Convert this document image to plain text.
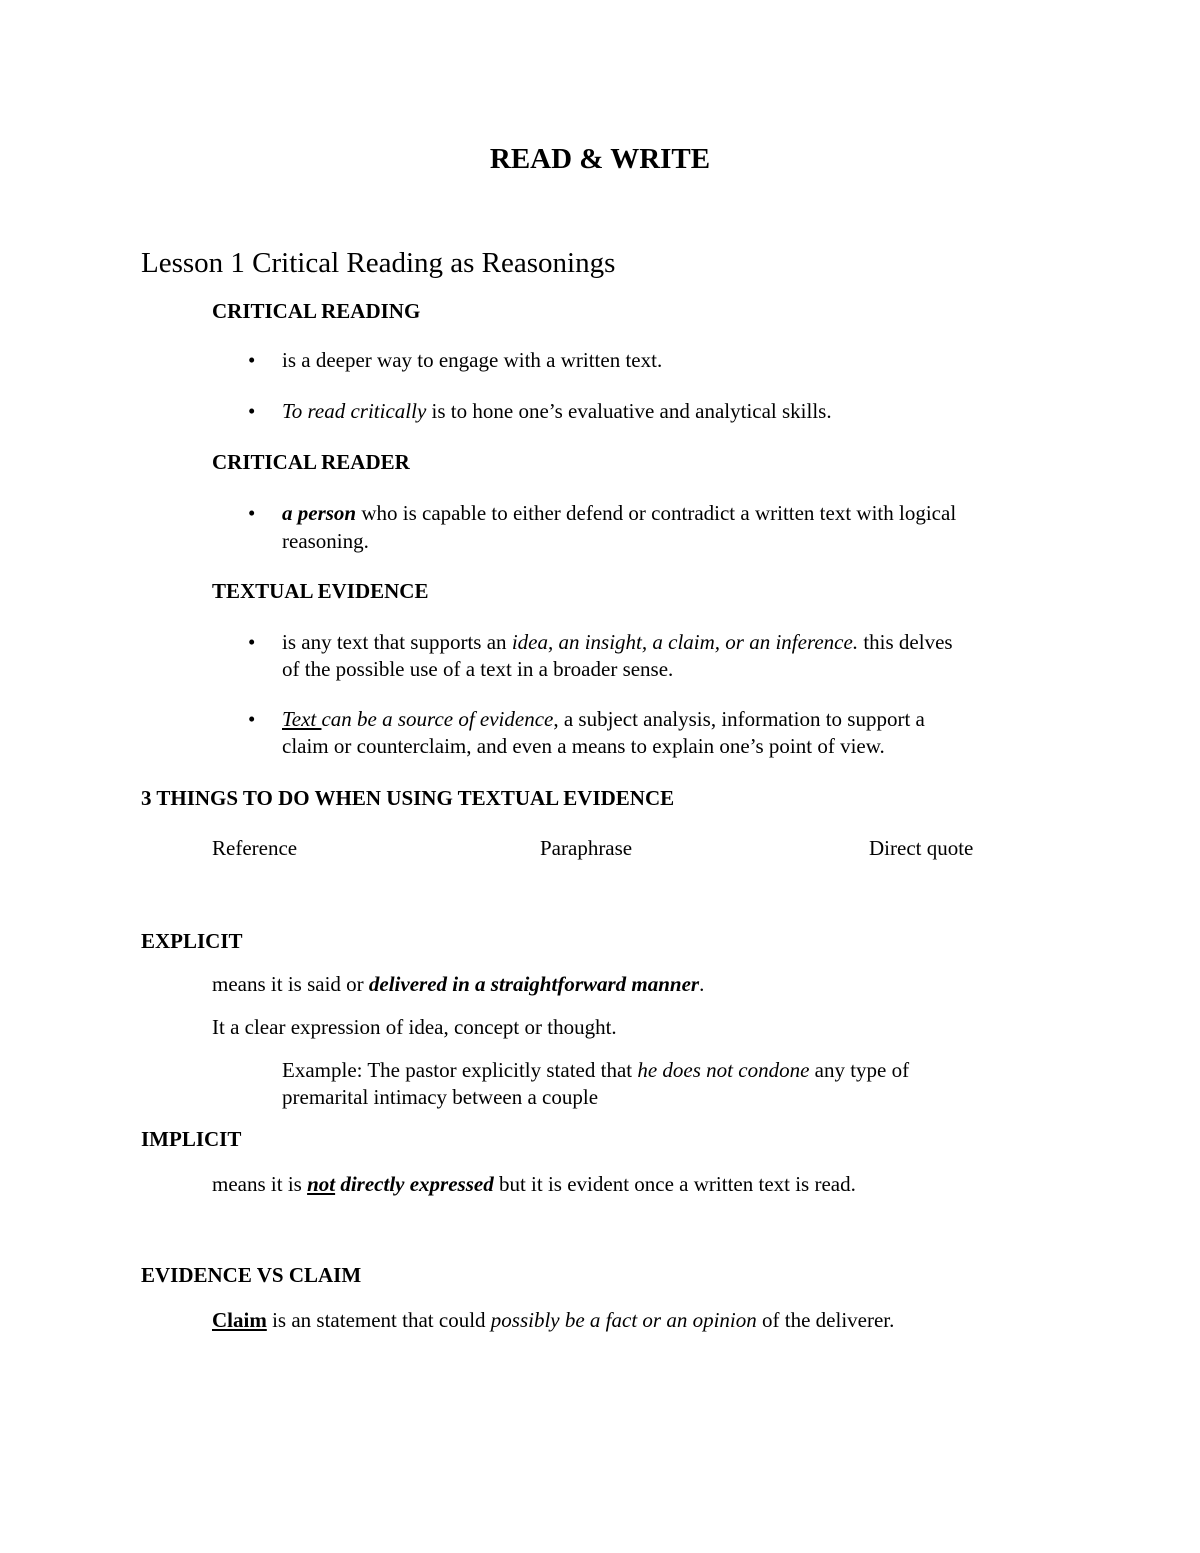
READ & WRITE
Lesson 1 Critical Reading as Reasonings
CRITICAL READING
• is a deeper way to engage with a written text.
• To read critically is to hone one’s evaluative and analytical skills.
CRITICAL READER
• a person who is capable to either defend or contradict a written text with logical
reasoning.
TEXTUAL EVIDENCE
• is any text that supports an idea, an insight, a claim, or an inference. this delves
of the possible use of a text in a broader sense.
• Text can be a source of evidence, a subject analysis, information to support a
claim or counterclaim, and even a means to explain one’s point of view.
3 THINGS TO DO WHEN USING TEXTUAL EVIDENCE
Reference	Paraphrase	Direct quote
EXPLICIT
means it is said or delivered in a straightforward manner.
It a clear expression of idea, concept or thought.
Example: The pastor explicitly stated that he does not condone any type of
premarital intimacy between a couple
IMPLICIT
means it is not directly expressed but it is evident once a written text is read.
EVIDENCE VS CLAIM
Claim is an statement that could possibly be a fact or an opinion of the deliverer.
